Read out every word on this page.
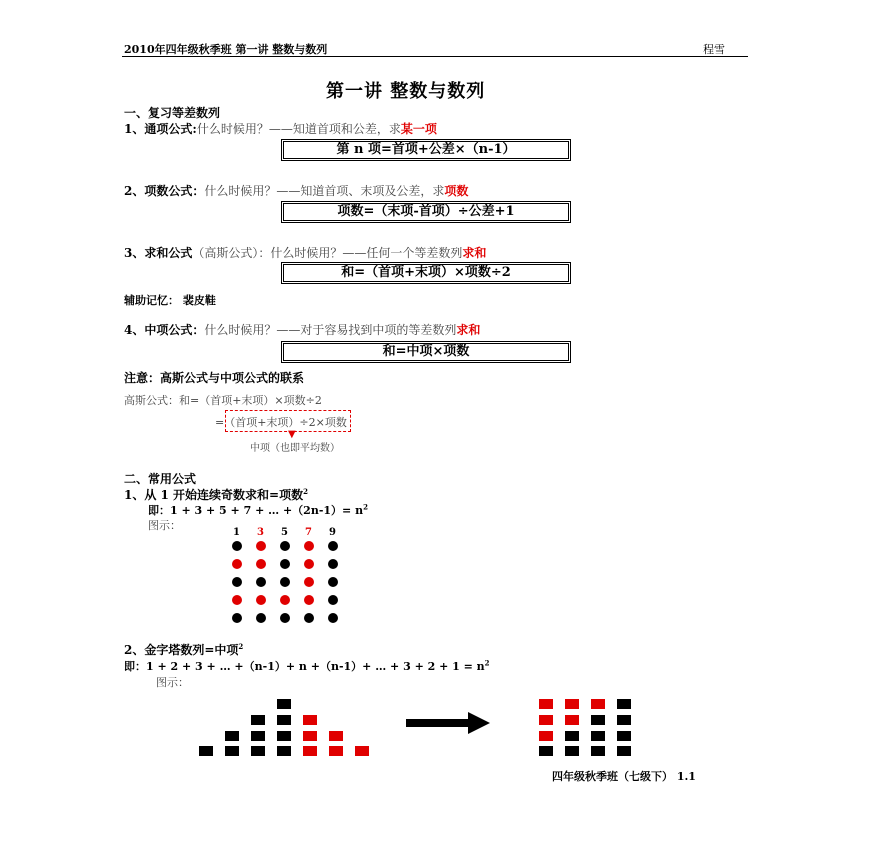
2010年四年级秋季班 第一讲 整数与数列	程雪
第一讲 整数与数列
一、复习等差数列
1、通项公式:什么时候用？——知道首项和公差，求某一项
第 n 项=首项+公差×（n-1）
2、项数公式：什么时候用？——知道首项、末项及公差，求项数
项数=（末项-首项）÷公差+1
3、求和公式（高斯公式）：什么时候用？——任何一个等差数列求和
和=（首项+末项）×项数÷2
辅助记忆： 裴皮鞋
4、中项公式：什么时候用？——对于容易找到中项的等差数列求和
和=中项×项数
注意：高斯公式与中项公式的联系
高斯公式：和=（首项+末项）×项数÷2
=（首项+末项）÷2×项数
▼
中项（也即平均数）
二、常用公式
1、从 1 开始连续奇数求和=项数$^2$
即：1 + 3 + 5 + 7 + … $+(2n-1)= n^2$
图示：
1 3 5 7 9
2、金字塔数列=中项$^2$
即：1 + 2 + 3 + … +（n-1）+ n +（n-1）+ … + $3 + 2 + 1 = n^2$
图示：
四年级秋季班（七级下） 1.1
